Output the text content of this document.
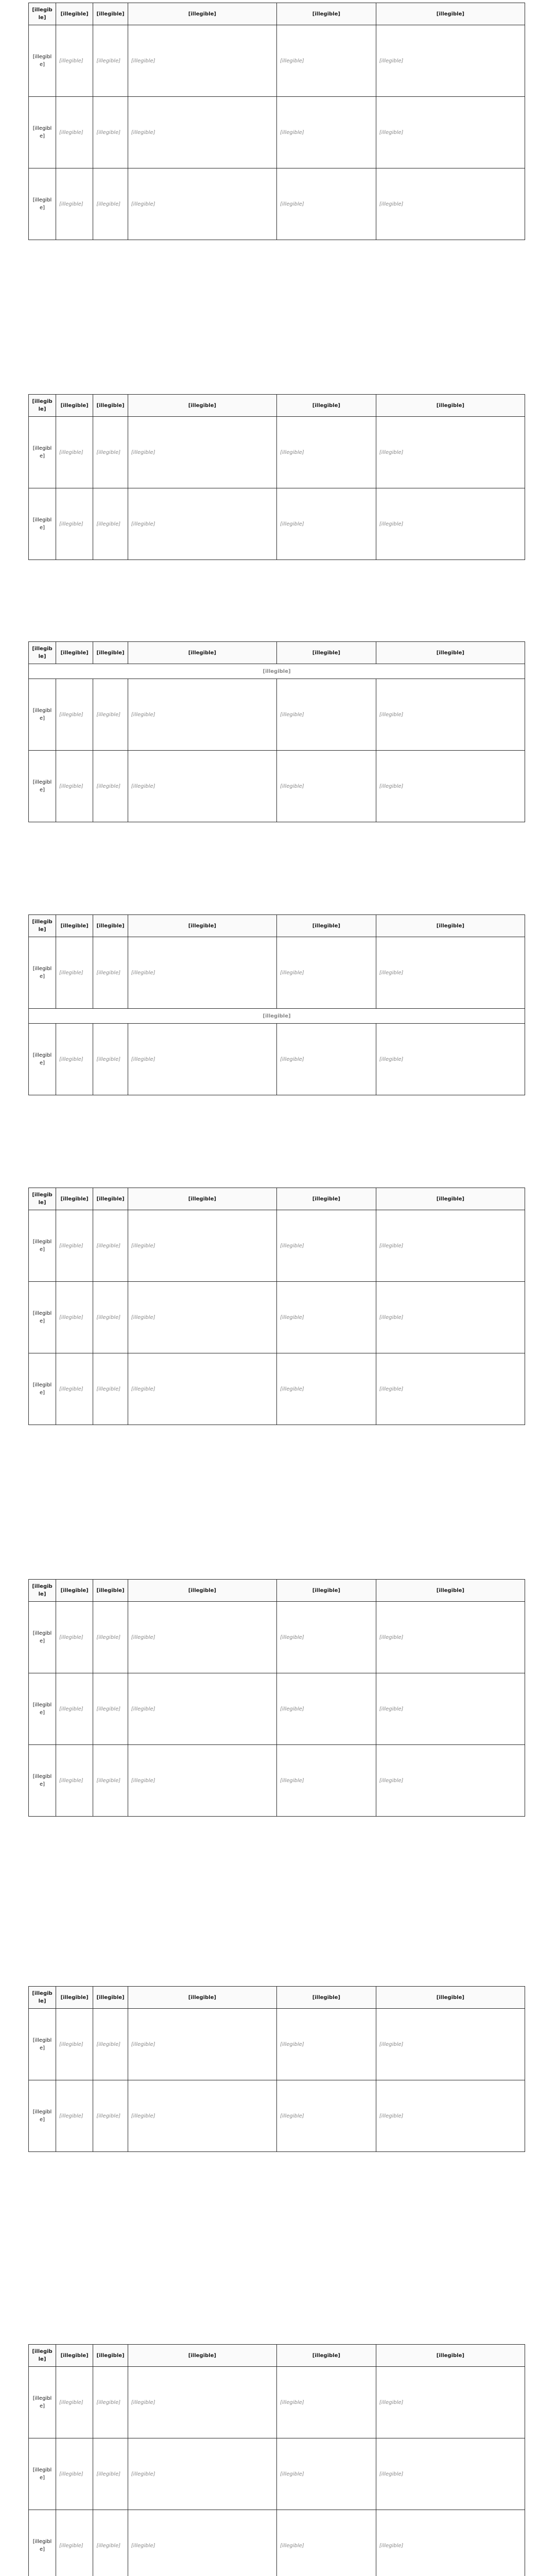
[illegible]	[illegible]	[illegible]	[illegible]	[illegible]	[illegible]
[illegible]	[illegible]	[illegible]	[illegible]	[illegible]	[illegible]
[illegible]	[illegible]	[illegible]	[illegible]	[illegible]	[illegible]
[illegible]	[illegible]	[illegible]	[illegible]	[illegible]	[illegible]
[illegible]	[illegible]	[illegible]	[illegible]	[illegible]	[illegible]
[illegible]	[illegible]	[illegible]	[illegible]	[illegible]	[illegible]
[illegible]	[illegible]	[illegible]	[illegible]	[illegible]	[illegible]
[illegible]	[illegible]	[illegible]	[illegible]	[illegible]	[illegible]
[illegible]					
[illegible]	[illegible]	[illegible]	[illegible]	[illegible]	[illegible]
[illegible]	[illegible]	[illegible]	[illegible]	[illegible]	[illegible]
[illegible]	[illegible]	[illegible]	[illegible]	[illegible]	[illegible]
[illegible]	[illegible]	[illegible]	[illegible]	[illegible]	[illegible]
[illegible]					
[illegible]	[illegible]	[illegible]	[illegible]	[illegible]	[illegible]
[illegible]	[illegible]	[illegible]	[illegible]	[illegible]	[illegible]
[illegible]	[illegible]	[illegible]	[illegible]	[illegible]	[illegible]
[illegible]	[illegible]	[illegible]	[illegible]	[illegible]	[illegible]
[illegible]	[illegible]	[illegible]	[illegible]	[illegible]	[illegible]
[illegible]	[illegible]	[illegible]	[illegible]	[illegible]	[illegible]
[illegible]	[illegible]	[illegible]	[illegible]	[illegible]	[illegible]
[illegible]	[illegible]	[illegible]	[illegible]	[illegible]	[illegible]
[illegible]	[illegible]	[illegible]	[illegible]	[illegible]	[illegible]
[illegible]	[illegible]	[illegible]	[illegible]	[illegible]	[illegible]
[illegible]	[illegible]	[illegible]	[illegible]	[illegible]	[illegible]
[illegible]	[illegible]	[illegible]	[illegible]	[illegible]	[illegible]
[illegible]	[illegible]	[illegible]	[illegible]	[illegible]	[illegible]
[illegible]	[illegible]	[illegible]	[illegible]	[illegible]	[illegible]
[illegible]	[illegible]	[illegible]	[illegible]	[illegible]	[illegible]
[illegible]	[illegible]	[illegible]	[illegible]	[illegible]	[illegible]
